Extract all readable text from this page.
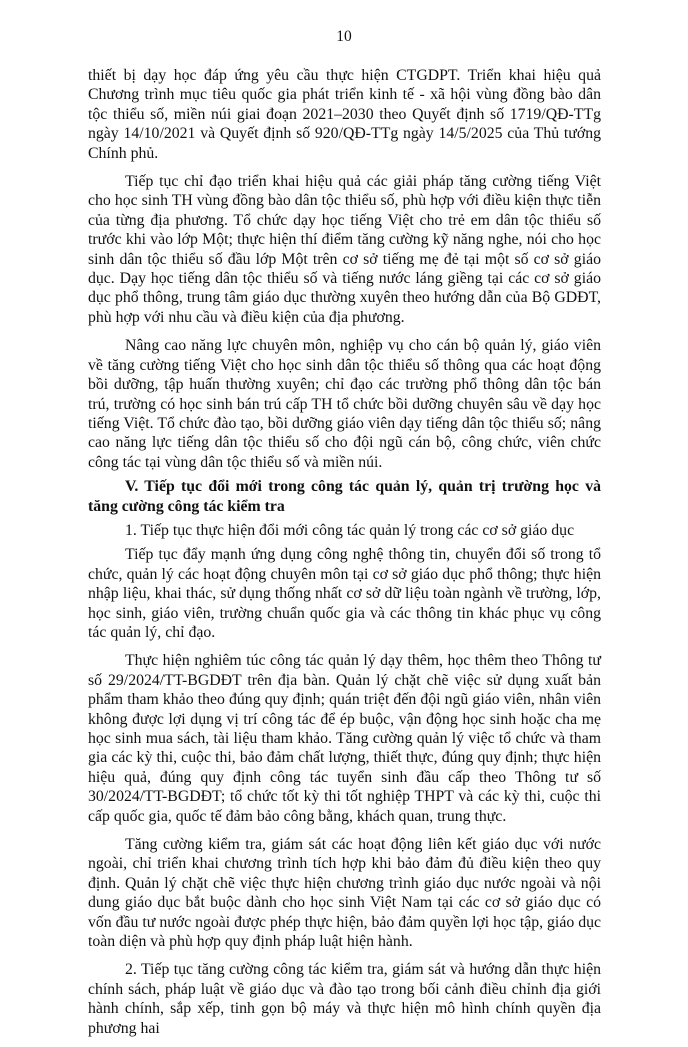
10

thiết bị dạy học đáp ứng yêu cầu thực hiện CTGDPT. Triển khai hiệu quả Chương trình mục tiêu quốc gia phát triển kinh tế - xã hội vùng đồng bào dân tộc thiểu số, miền núi giai đoạn 2021–2030 theo Quyết định số 1719/QĐ-TTg ngày 14/10/2021 và Quyết định số 920/QĐ-TTg ngày 14/5/2025 của Thủ tướng Chính phủ.

Tiếp tục chỉ đạo triển khai hiệu quả các giải pháp tăng cường tiếng Việt cho học sinh TH vùng đồng bào dân tộc thiểu số, phù hợp với điều kiện thực tiễn của từng địa phương. Tổ chức dạy học tiếng Việt cho trẻ em dân tộc thiểu số trước khi vào lớp Một; thực hiện thí điểm tăng cường kỹ năng nghe, nói cho học sinh dân tộc thiểu số đầu lớp Một trên cơ sở tiếng mẹ đẻ tại một số cơ sở giáo dục. Dạy học tiếng dân tộc thiểu số và tiếng nước láng giềng tại các cơ sở giáo dục phổ thông, trung tâm giáo dục thường xuyên theo hướng dẫn của Bộ GDĐT, phù hợp với nhu cầu và điều kiện của địa phương.

Nâng cao năng lực chuyên môn, nghiệp vụ cho cán bộ quản lý, giáo viên về tăng cường tiếng Việt cho học sinh dân tộc thiểu số thông qua các hoạt động bồi dưỡng, tập huấn thường xuyên; chỉ đạo các trường phổ thông dân tộc bán trú, trường có học sinh bán trú cấp TH tổ chức bồi dưỡng chuyên sâu về dạy học tiếng Việt. Tổ chức đào tạo, bồi dưỡng giáo viên dạy tiếng dân tộc thiểu số; nâng cao năng lực tiếng dân tộc thiểu số cho đội ngũ cán bộ, công chức, viên chức công tác tại vùng dân tộc thiểu số và miền núi.

V. Tiếp tục đổi mới trong công tác quản lý, quản trị trường học và tăng cường công tác kiểm tra

1. Tiếp tục thực hiện đổi mới công tác quản lý trong các cơ sở giáo dục

Tiếp tục đẩy mạnh ứng dụng công nghệ thông tin, chuyển đổi số trong tổ chức, quản lý các hoạt động chuyên môn tại cơ sở giáo dục phổ thông; thực hiện nhập liệu, khai thác, sử dụng thống nhất cơ sở dữ liệu toàn ngành về trường, lớp, học sinh, giáo viên, trường chuẩn quốc gia và các thông tin khác phục vụ công tác quản lý, chỉ đạo.

Thực hiện nghiêm túc công tác quản lý dạy thêm, học thêm theo Thông tư số 29/2024/TT-BGDĐT trên địa bàn. Quản lý chặt chẽ việc sử dụng xuất bản phẩm tham khảo theo đúng quy định; quán triệt đến đội ngũ giáo viên, nhân viên không được lợi dụng vị trí công tác để ép buộc, vận động học sinh hoặc cha mẹ học sinh mua sách, tài liệu tham khảo. Tăng cường quản lý việc tổ chức và tham gia các kỳ thi, cuộc thi, bảo đảm chất lượng, thiết thực, đúng quy định; thực hiện hiệu quả, đúng quy định công tác tuyển sinh đầu cấp theo Thông tư số 30/2024/TT-BGDĐT; tổ chức tốt kỳ thi tốt nghiệp THPT và các kỳ thi, cuộc thi cấp quốc gia, quốc tế đảm bảo công bằng, khách quan, trung thực.

Tăng cường kiểm tra, giám sát các hoạt động liên kết giáo dục với nước ngoài, chỉ triển khai chương trình tích hợp khi bảo đảm đủ điều kiện theo quy định. Quản lý chặt chẽ việc thực hiện chương trình giáo dục nước ngoài và nội dung giáo dục bắt buộc dành cho học sinh Việt Nam tại các cơ sở giáo dục có vốn đầu tư nước ngoài được phép thực hiện, bảo đảm quyền lợi học tập, giáo dục toàn diện và phù hợp quy định pháp luật hiện hành.

2. Tiếp tục tăng cường công tác kiểm tra, giám sát và hướng dẫn thực hiện chính sách, pháp luật về giáo dục và đào tạo trong bối cảnh điều chỉnh địa giới hành chính, sắp xếp, tinh gọn bộ máy và thực hiện mô hình chính quyền địa phương hai
